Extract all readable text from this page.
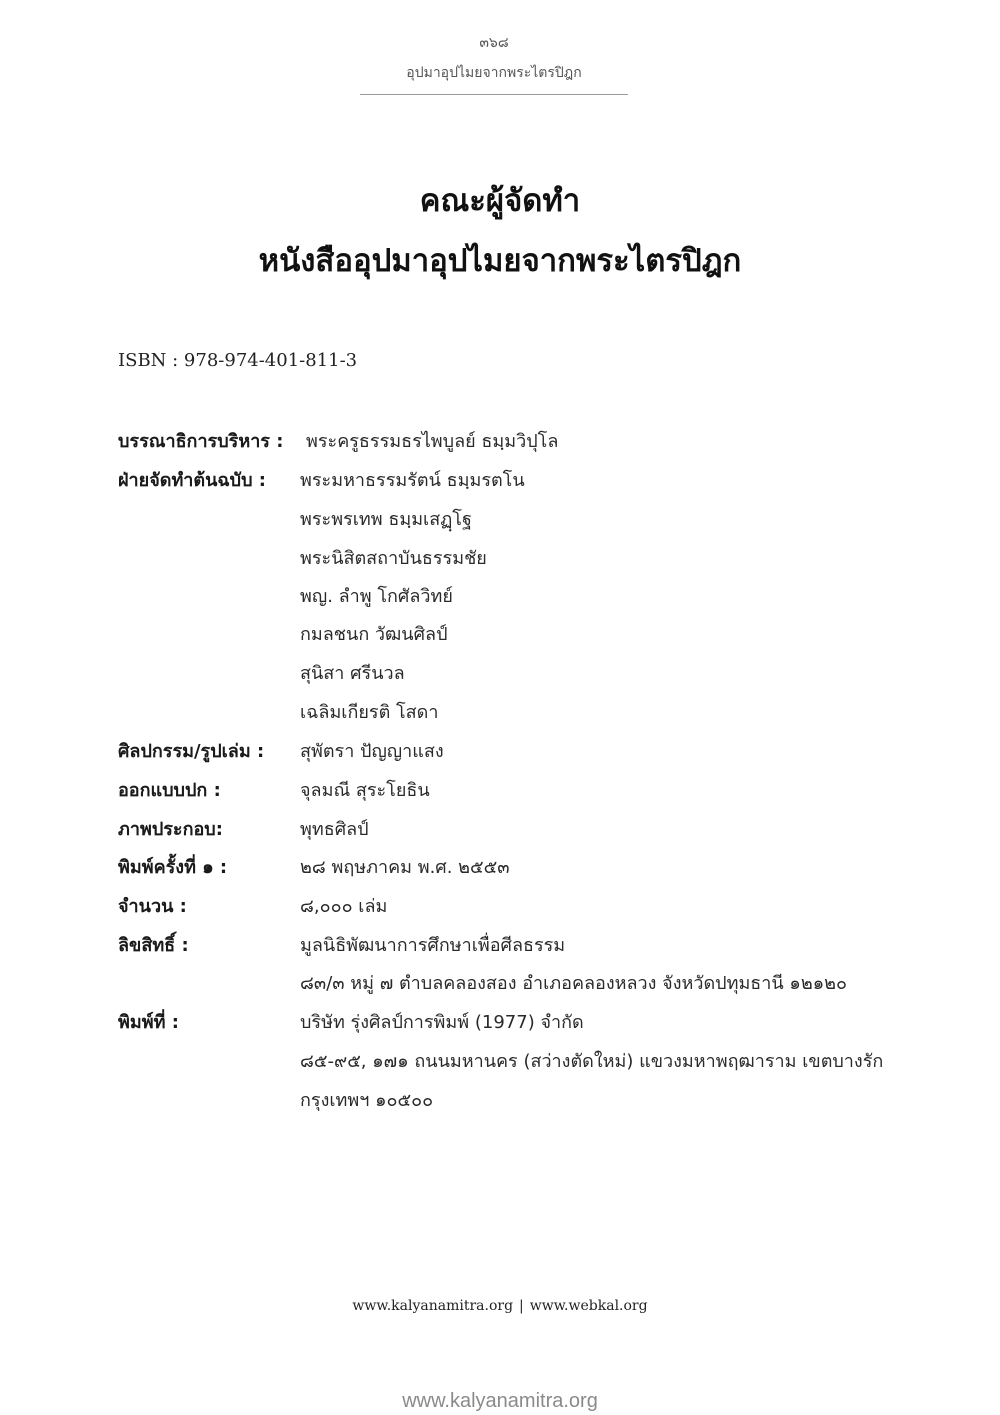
๓๖๘
อุปมาอุปไมยจากพระไตรปิฎก
คณะผู้จัดทำ
หนังสืออุปมาอุปไมยจากพระไตรปิฎก
ISBN : 978-974-401-811-3
บรรณาธิการบริหาร : พระครูธรรมธรไพบูลย์ ธมฺมวิปุโล
ฝ่ายจัดทำต้นฉบับ : พระมหาธรรมรัตน์ ธมฺมรตโน
พระพรเทพ ธมฺมเสฏฺโฐ
พระนิสิตสถาบันธรรมชัย
พญ. ลำพู โกศัลวิทย์
กมลชนก วัฒนศิลป์
สุนิสา ศรีนวล
เฉลิมเกียรติ โสดา
ศิลปกรรม/รูปเล่ม : สุพัตรา ปัญญาแสง
ออกแบบปก :	จุลมณี สุระโยธิน
ภาพประกอบ:	พุทธศิลป์
พิมพ์ครั้งที่ ๑ :	๒๘ พฤษภาคม พ.ศ. ๒๕๕๓
จำนวน :	๘,๐๐๐ เล่ม
ลิขสิทธิ์ :	มูลนิธิพัฒนาการศึกษาเพื่อศีลธรรม
๘๓/๓ หมู่ ๗ ตำบลคลองสอง อำเภอคลองหลวง จังหวัดปทุมธานี ๑๒๑๒๐
พิมพ์ที่ :	บริษัท รุ่งศิลป์การพิมพ์ (1977) จำกัด
๘๕-๙๕, ๑๗๑ ถนนมหานคร (สว่างตัดใหม่) แขวงมหาพฤฒาราม เขตบางรัก
กรุงเทพฯ ๑๐๕๐๐
www.kalyanamitra.org | www.webkal.org
www.kalyanamitra.org
